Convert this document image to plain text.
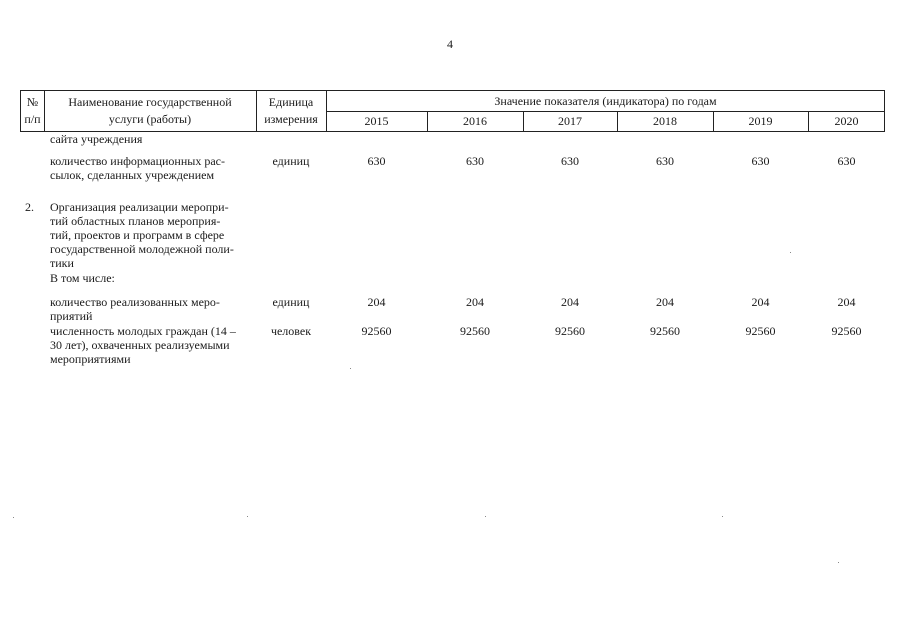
4
№
п/п
Наименование государственной
услуги (работы)
Единица
измерения
Значение показателя (индикатора) по годам
2015	2016	2017	2018	2019	2020
сайта учреждения
количество информационных рас-
сылок, сделанных учреждением
единиц	630	630	630	630	630	630
2. Организация реализации меропри-
тий областных планов мероприя-
тий, проектов и программ в сфере
государственной молодежной поли-
тики
В том числе:
количество реализованных меро-
приятий
единиц	204	204	204	204	204	204
численность молодых граждан (14 –
30 лет), охваченных реализуемыми
мероприятиями
человек	92560	92560	92560	92560	92560	92560
